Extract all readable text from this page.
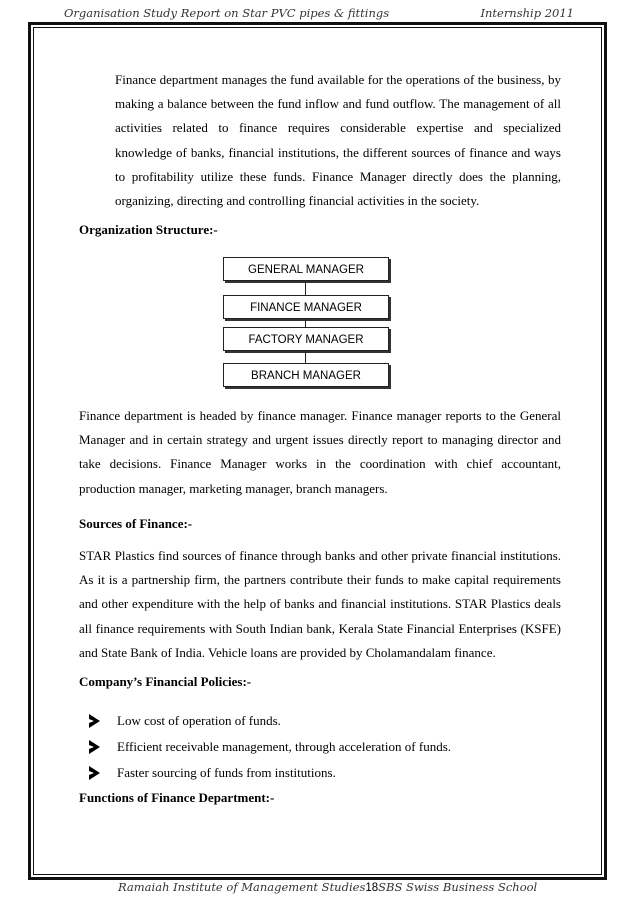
Organisation Study Report on Star PVC pipes & fittings	Internship 2011

Finance department manages the fund available for the operations of the business, by making a balance between the fund inflow and fund outflow. The management of all activities related to finance requires considerable expertise and specialized knowledge of banks, financial institutions, the different sources of finance and ways to profitability utilize these funds. Finance Manager directly does the planning, organizing, directing and controlling financial activities in the society.

Organization Structure:-
GENERAL MANAGER
FINANCE MANAGER
FACTORY MANAGER
BRANCH MANAGER

Finance department is headed by finance manager. Finance manager reports to the General Manager and in certain strategy and urgent issues directly report to managing director and take decisions. Finance Manager works in the coordination with chief accountant, production manager, marketing manager, branch managers.

Sources of Finance:-

STAR Plastics find sources of finance through banks and other private financial institutions. As it is a partnership firm, the partners contribute their funds to make capital requirements and other expenditure with the help of banks and financial institutions. STAR Plastics deals all finance requirements with South Indian bank, Kerala State Financial Enterprises (KSFE) and State Bank of India. Vehicle loans are provided by Cholamandalam finance.

Company’s Financial Policies:-
Low cost of operation of funds.
Efficient receivable management, through acceleration of funds.
Faster sourcing of funds from institutions.
Functions of Finance Department:-
Ramaiah Institute of Management Studies18SBS Swiss Business School
